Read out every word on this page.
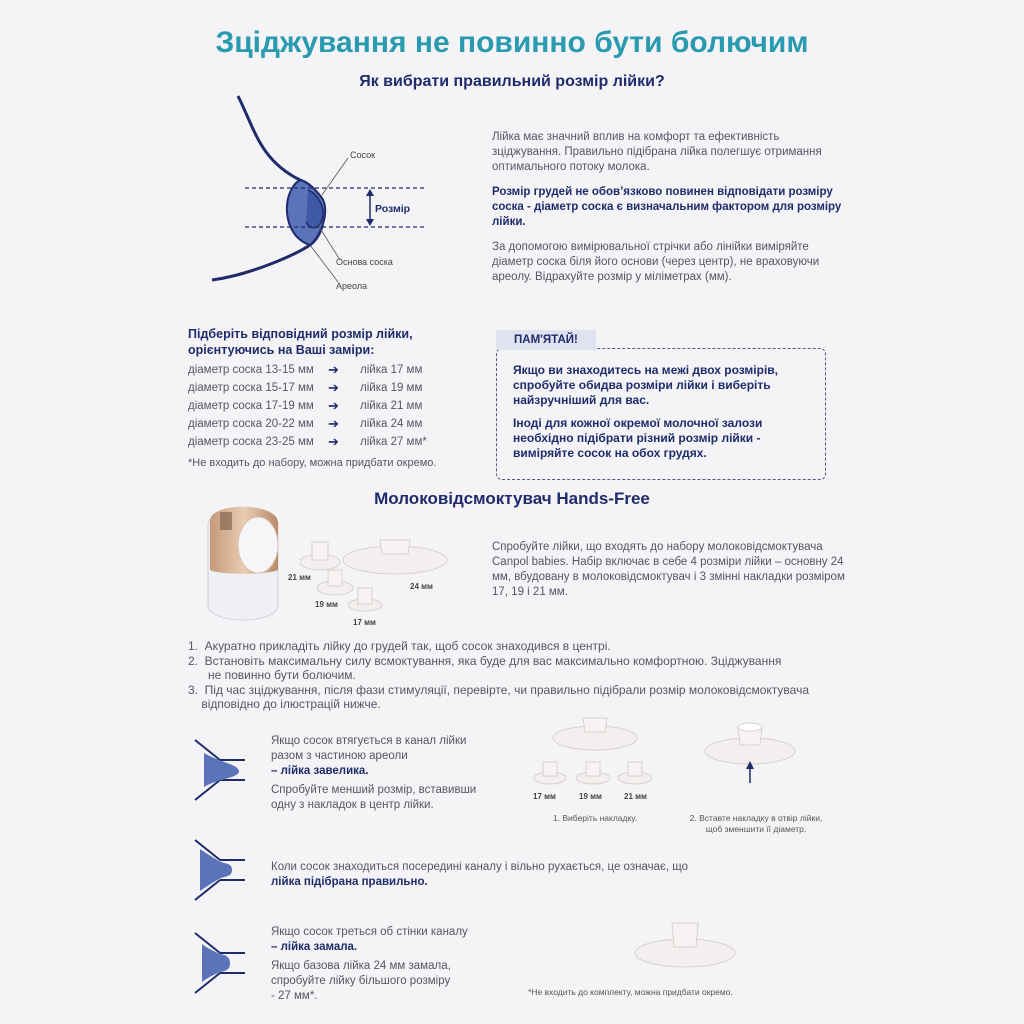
Зціджування не повинно бути болючим
Як вибрати правильний розмір лійки?
Сосок
Розмір
Основа соска
Ареола
Лійка має значний вплив на комфорт та ефективність зціджування. Правильно підібрана лійка полегшує отримання оптимального потоку молока.
Розмір грудей не обов’язково повинен відповідати розміру соска - діаметр соска є визначальним фактором для розміру лійки.
За допомогою вимірювальної стрічки або лінійки виміряйте діаметр соска біля його основи (через центр), не враховуючи ареолу. Відрахуйте розмір у міліметрах (мм).
Підберіть відповідний розмір лійки,
орієнтуючись на Ваші заміри:
діаметр соска 13-15 мм	➔	лійка 17 мм
діаметр соска 15-17 мм	➔	лійка 19 мм
діаметр соска 17-19 мм	➔	лійка 21 мм
діаметр соска 20-22 мм	➔	лійка 24 мм
діаметр соска 23-25 мм	➔	лійка 27 мм*
*Не входить до набору, можна придбати окремо.
ПАМ'ЯТАЙ!

Якщо ви знаходитесь на межі двох розмірів, спробуйте обидва розміри лійки і виберіть найзручніший для вас.

Іноді для кожної окремої молочної залози необхідно підібрати різний розмір лійки - виміряйте сосок на обох грудях.

Молоковідсмоктувач Hands-Free
21 мм
24 мм
19 мм
17 мм
Спробуйте лійки, що входять до набору молоковідсмоктувача Canpol babies. Набір включає в себе 4 розміри лійки – основну 24 мм, вбудовану в молоковідсмоктувач і 3 змінні накладки розміром 17, 19 і 21 мм.
1.  Акуратно прикладіть лійку до грудей так, щоб сосок знаходився в центрі.
2.  Встановіть максимальну силу всмоктування, яка буде для вас максимально комфортною. Зціджування
не повинно бути болючим.
3.  Під час зціджування, після фази стимуляції, перевірте, чи правильно підібрали розмір молоковідсмоктувача
відповідно до ілюстрацій нижче.
Якщо сосок втягується в канал лійки
разом з частиною ареоли
– лійка завелика.
Спробуйте менший розмір, вставивши
одну з накладок в центр лійки.
Коли сосок знаходиться посередині каналу і вільно рухається, це означає, що
лійка підібрана правильно.
Якщо сосок треться об стінки каналу
– лійка замала.
Якщо базова лійка 24 мм замала,
спробуйте лійку більшого розміру
- 27 мм*.
17 мм	19 мм	21 мм
1. Виберіть накладку.	2. Вставте накладку в отвір лійки,
щоб зменшити її діаметр.
*Не входить до комплекту, можна придбати окремо.
